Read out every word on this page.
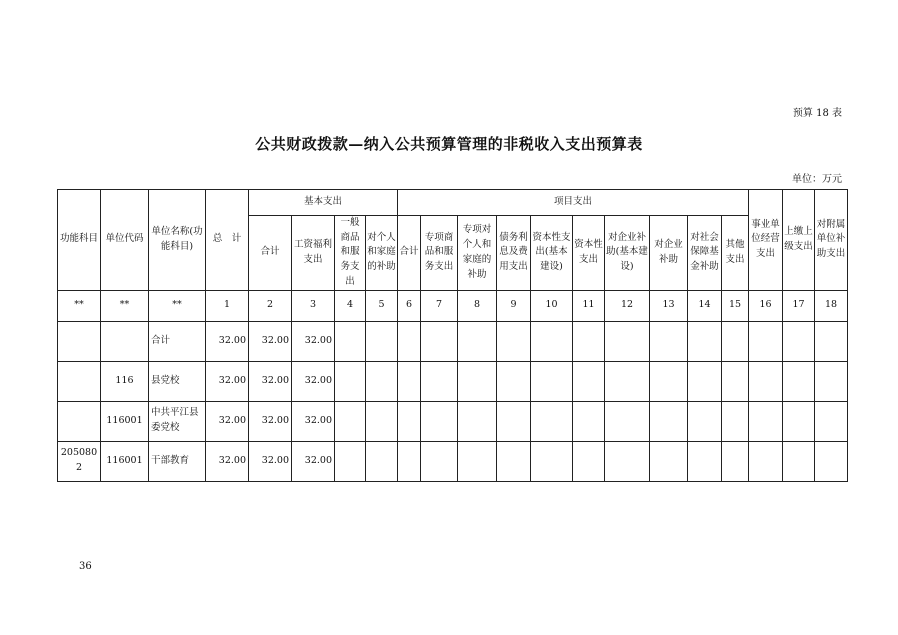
预算 18 表
公共财政拨款—纳入公共预算管理的非税收入支出预算表
单位：万元
功能科目	单位代码	单位名称(功能科目)	总　计	基本支出				项目支出										事业单位经营支出	上缴上级支出	对附属单位补助支出
				合计	工资福利支出	一般商品和服务支出	对个人和家庭的补助	合计	专项商品和服务支出	专项对个人和家庭的补助	债务利息及费用支出	资本性支出(基本建设)	资本性支出	对企业补助(基本建设)	对企业补助	对社会保障基金补助	其他支出			
**	**	**	1	2	3	4	5	6	7	8	9	10	11	12	13	14	15	16	17	18
		合计	32.00	32.00	32.00															
	116	县党校	32.00	32.00	32.00															
	116001	中共平江县委党校	32.00	32.00	32.00															
2050802	116001	干部教育	32.00	32.00	32.00															
36
